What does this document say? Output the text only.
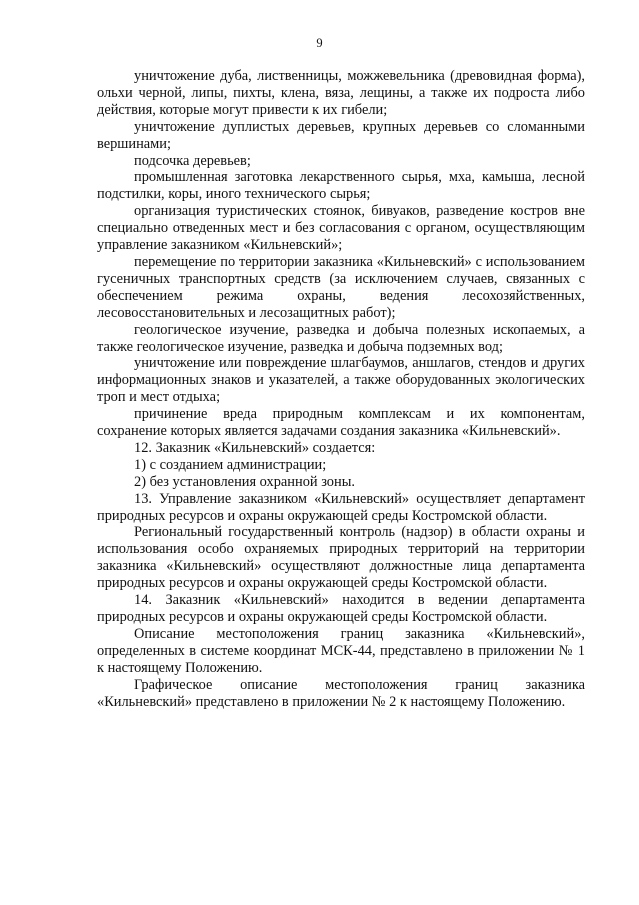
9

уничтожение дуба, лиственницы, можжевельника (древовидная форма), ольхи черной, липы, пихты, клена, вяза, лещины, а также их подроста либо действия, которые могут привести к их гибели;

уничтожение дуплистых деревьев, крупных деревьев со сломанными вершинами;

подсочка деревьев;

промышленная заготовка лекарственного сырья, мха, камыша, лесной подстилки, коры, иного технического сырья;

организация туристических стоянок, бивуаков, разведение костров вне специально отведенных мест и без согласования с органом, осуществляющим управление заказником «Кильневский»;

перемещение по территории заказника «Кильневский» с использованием гусеничных транспортных средств (за исключением случаев, связанных с обеспечением режима охраны, ведения лесохозяйственных, лесовосстановительных и лесозащитных работ);

геологическое изучение, разведка и добыча полезных ископаемых, а также геологическое изучение, разведка и добыча подземных вод;

уничтожение или повреждение шлагбаумов, аншлагов, стендов и других информационных знаков и указателей, а также оборудованных экологических троп и мест отдыха;

причинение вреда природным комплексам и их компонентам, сохранение которых является задачами создания заказника «Кильневский».

12. Заказник «Кильневский» создается:

1) с созданием администрации;

2) без установления охранной зоны.

13. Управление заказником «Кильневский» осуществляет департамент природных ресурсов и охраны окружающей среды Костромской области.

Региональный государственный контроль (надзор) в области охраны и использования особо охраняемых природных территорий на территории заказника «Кильневский» осуществляют должностные лица департамента природных ресурсов и охраны окружающей среды Костромской области.

14. Заказник «Кильневский» находится в ведении департамента природных ресурсов и охраны окружающей среды Костромской области.

Описание местоположения границ заказника «Кильневский», определенных в системе координат МСК-44, представлено в приложении № 1 к настоящему Положению.

Графическое описание местоположения границ заказника «Кильневский» представлено в приложении № 2 к настоящему Положению.
